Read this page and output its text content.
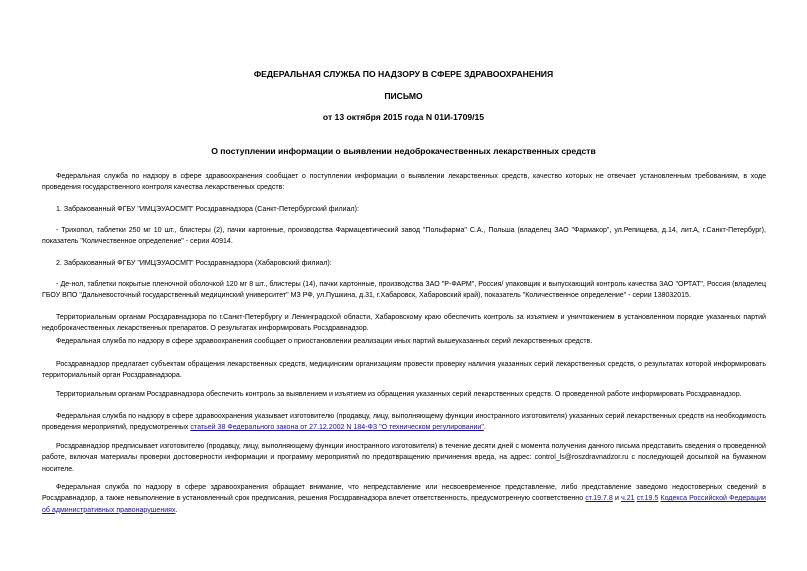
ФЕДЕРАЛЬНАЯ СЛУЖБА ПО НАДЗОРУ В СФЕРЕ ЗДРАВООХРАНЕНИЯ
ПИСЬМО
от 13 октября 2015 года N 01И-1709/15
О поступлении информации о выявлении недоброкачественных лекарственных средств

Федеральная служба по надзору в сфере здравоохранения сообщает о поступлении информации о выявлении лекарственных средств, качество которых не отвечает установленным требованиям, в ходе проведения государственного контроля качества лекарственных средств:

1. Забракованный ФГБУ "ИМЦЭУАОСМП" Росздравнадзора (Санкт-Петербургский филиал):

- Трихопол, таблетки 250 мг 10 шт., блистеры (2), пачки картонные, производства Фармацевтический завод "Польфарма" С.А., Польша (владелец ЗАО "Фармакор", ул.Репищева, д.14, лит.А, г.Санкт-Петербург), показатель "Количественное определение" - серии 40914.

2. Забракованный ФГБУ "ИМЦЭУАОСМП" Росздравнадзора (Хабаровский филиал):

- Де-нол, таблетки покрытые пленочной оболочкой 120 мг 8 шт., блистеры (14), пачки картонные, производства ЗАО "Р-ФАРМ", Россия/ упаковщик и выпускающий контроль качества ЗАО "ОРТАТ", Россия (владелец ГБОУ ВПО "Дальневосточный государственный медицинский университет" МЗ РФ, ул.Пушкина, д.31, г.Хабаровск, Хабаровский край), показатель "Количественное определение" - серии 138032015.

Территориальным органам Росздравнадзора по г.Санкт-Петербургу и Ленинградской области, Хабаровскому краю обеспечить контроль за изъятием и уничтожением в установленном порядке указанных партий недоброкачественных лекарственных препаратов. О результатах информировать Росздравнадзор.

Федеральная служба по надзору в сфере здравоохранения сообщает о приостановлении реализации иных партий вышеуказанных серий лекарственных средств.

Росздравнадзор предлагает субъектам обращения лекарственных средств, медицинским организациям провести проверку наличия указанных серий лекарственных средств, о результатах которой информировать территориальный орган Росздравнадзора.

Территориальным органам Росздравнадзора обеспечить контроль за выявлением и изъятием из обращения указанных серий лекарственных средств. О проведенной работе информировать Росздравнадзор.

Федеральная служба по надзору в сфере здравоохранения указывает изготовителю (продавцу, лицу, выполняющему функции иностранного изготовителя) указанных серий лекарственных средств на необходимость проведения мероприятий, предусмотренных статьей 38 Федерального закона от 27.12.2002 N 184-ФЗ "О техническом регулировании".

Росздравнадзор предписывает изготовителю (продавцу, лицу, выполняющему функции иностранного изготовителя) в течение десяти дней с момента получения данного письма представить сведения о проведенной работе, включая материалы проверки достоверности информации и программу мероприятий по предотвращению причинения вреда, на адрес: control_ls@roszdravnadzor.ru с последующей досылкой на бумажном носителе.

Федеральная служба по надзору в сфере здравоохранения обращает внимание, что непредставление или несвоевременное представление, либо представление заведомо недостоверных сведений в Росздравнадзор, а также невыполнение в установленный срок предписания, решения Росздравнадзора влечет ответственность, предусмотренную соответственно ст.19.7.8 и ч.21 ст.19.5 Кодекса Российской Федерации об административных правонарушениях.
